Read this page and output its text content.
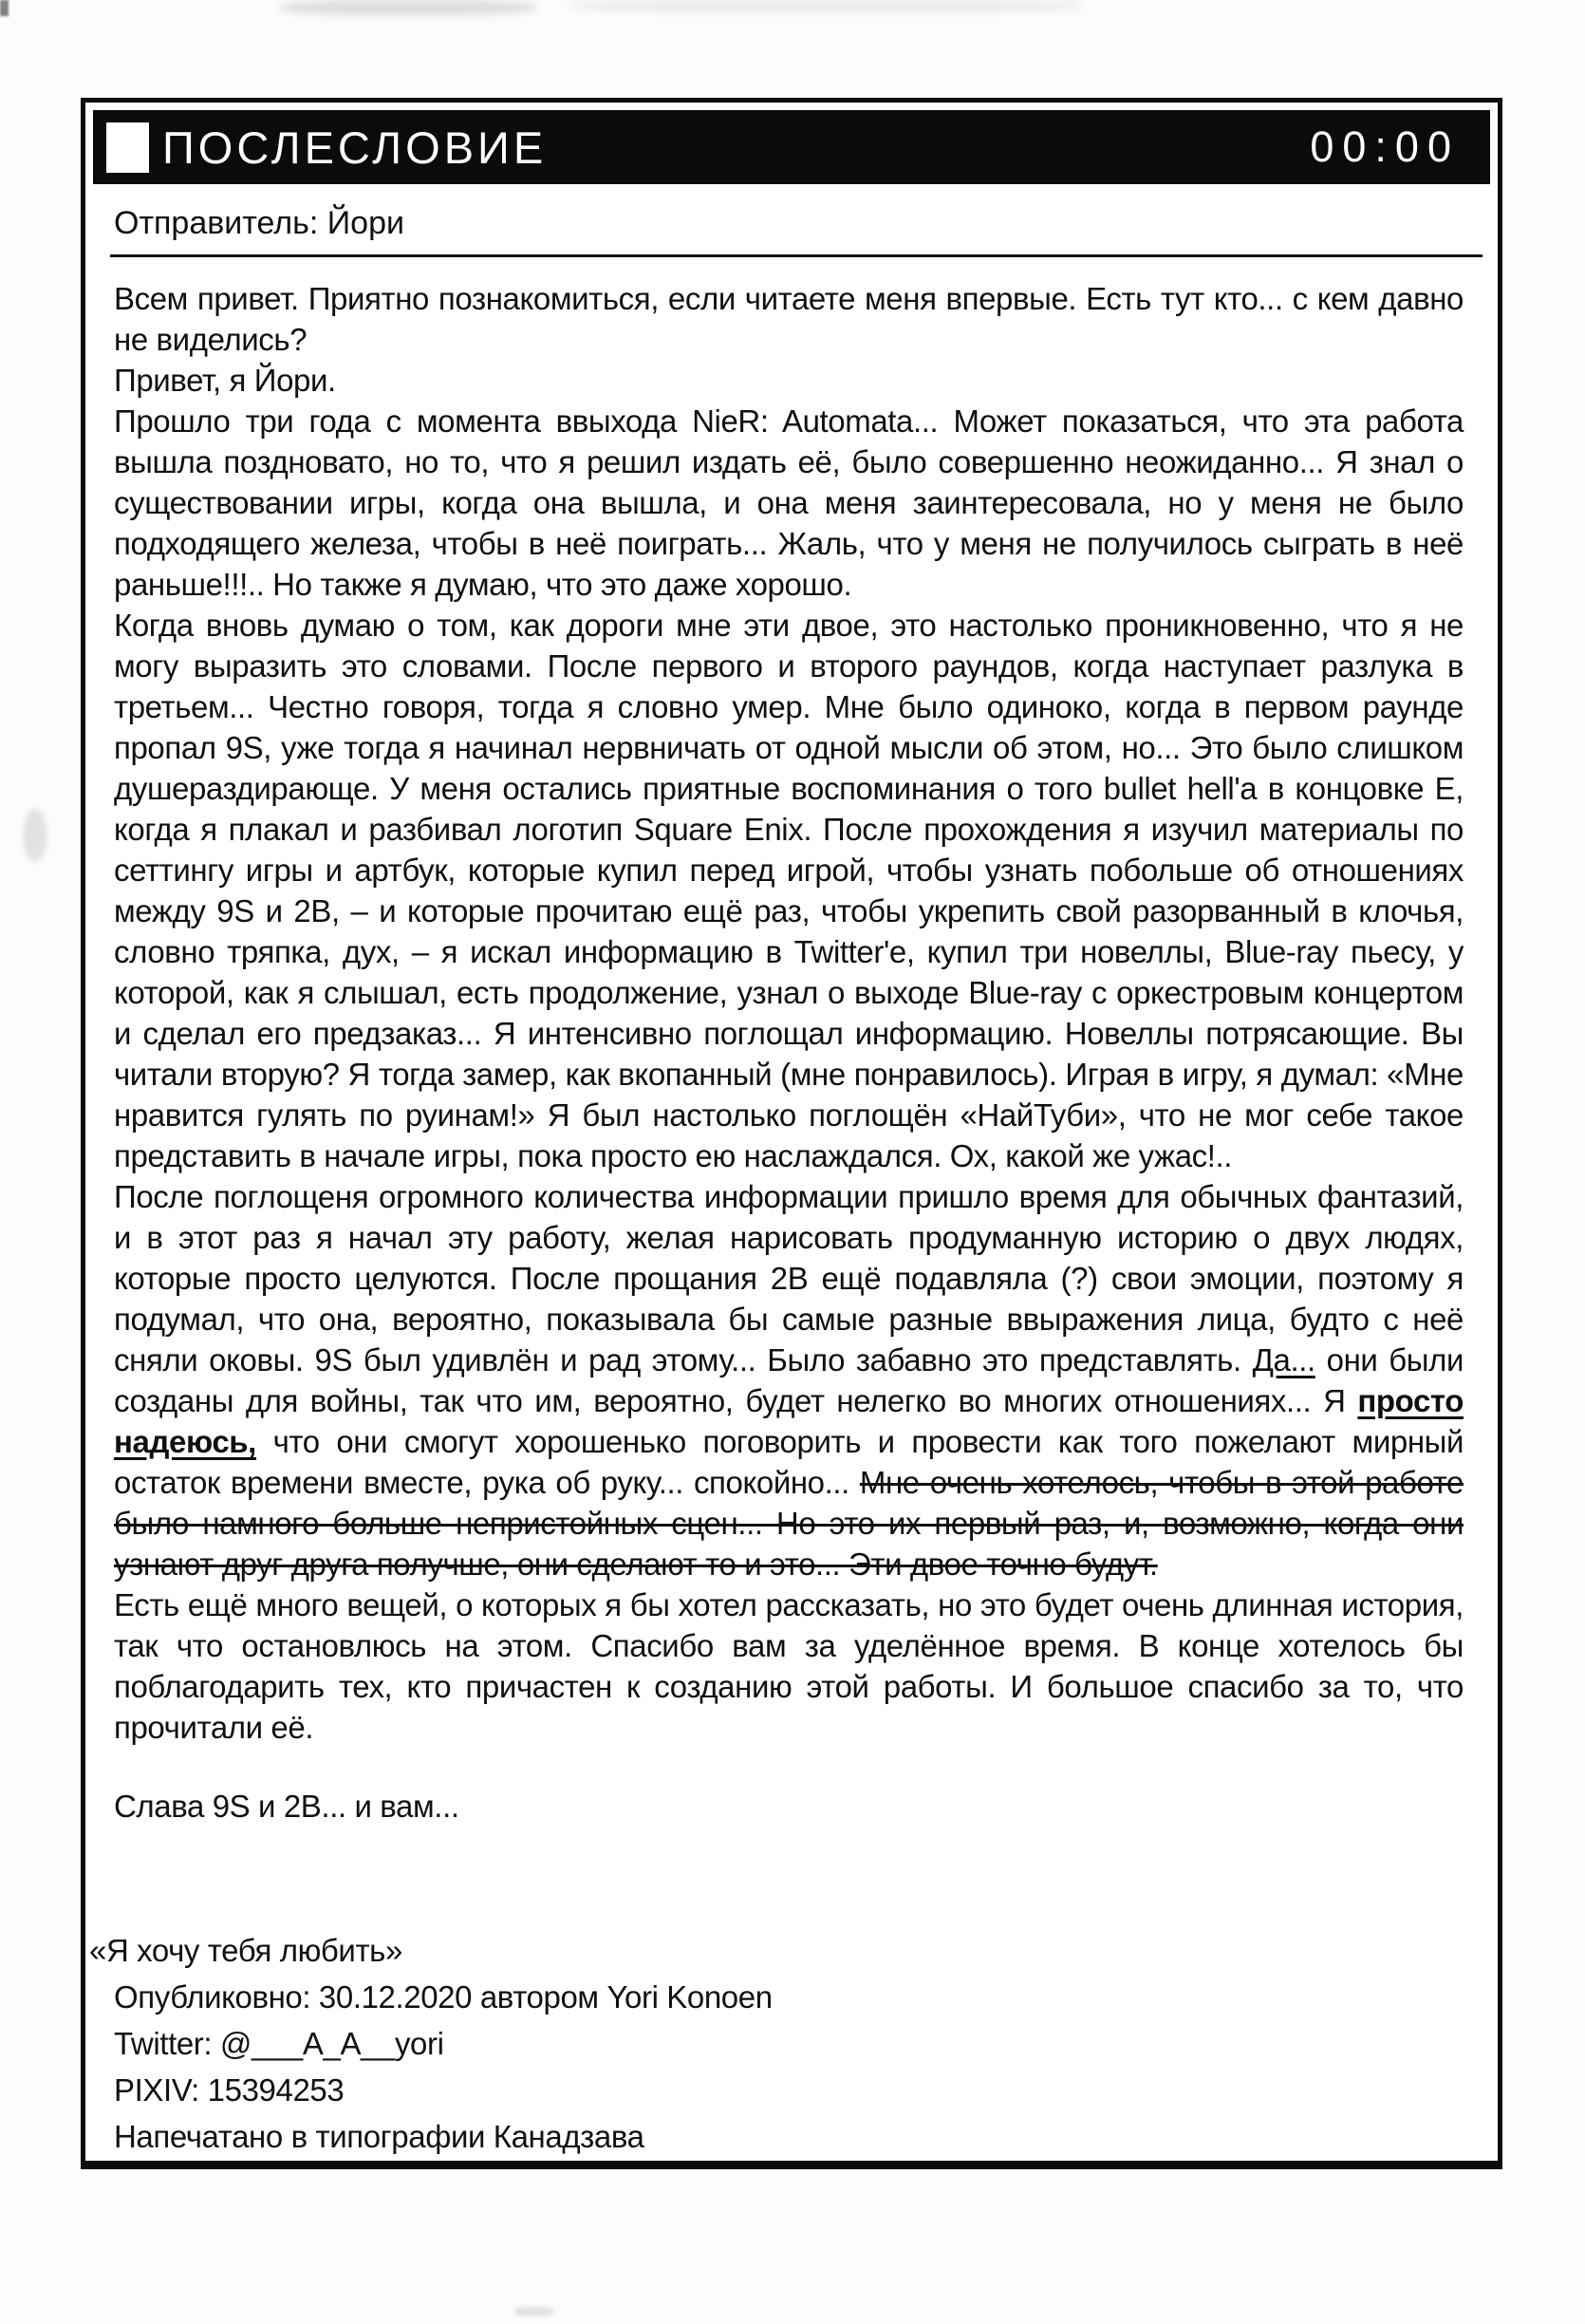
ПОСЛЕСЛОВИЕ	00:00
Отправитель: Йори

Всем привет. Приятно познакомиться, если читаете меня впервые. Есть тут кто... с кем давно не виделись?

Привет, я Йори.

Прошло три года с момента ввыхода NieR: Automata... Может показаться, что эта работа вышла поздновато, но то, что я решил издать её, было совершенно неожиданно... Я знал о существовании игры, когда она вышла, и она меня заинтересовала, но у меня не было подходящего железа, чтобы в неё поиграть... Жаль, что у меня не получилось сыграть в неё раньше!!!.. Но также я думаю, что это даже хорошо.

Когда вновь думаю о том, как дороги мне эти двое, это настолько проникновенно, что я не могу выразить это словами. После первого и второго раундов, когда наступает разлука в третьем... Честно говоря, тогда я словно умер. Мне было одиноко, когда в первом раунде пропал 9S, уже тогда я начинал нервничать от одной мысли об этом, но... Это было слишком душераздирающе. У меня остались приятные воспоминания о того bullet hell'а в концовке E, когда я плакал и разбивал логотип Square Enix. После прохождения я изучил материалы по сеттингу игры и артбук, которые купил перед игрой, чтобы узнать побольше об отношениях между 9S и 2B, – и которые прочитаю ещё раз, чтобы укрепить свой разорванный в клочья, словно тряпка, дух, – я искал информацию в Twitter'е, купил три новеллы, Blue-ray пьесу, у которой, как я слышал, есть продолжение, узнал о выходе Blue-ray с оркестровым концертом и сделал его предзаказ... Я интенсивно поглощал информацию. Новеллы потрясающие. Вы читали вторую? Я тогда замер, как вкопанный (мне понравилось). Играя в игру, я думал: «Мне нравится гулять по руинам!» Я был настолько поглощён «НайТуби», что не мог себе такое представить в начале игры, пока просто ею наслаждался. Ох, какой же ужас!..

После поглощеня огромного количества информации пришло время для обычных фантазий, и в этот раз я начал эту работу, желая нарисовать продуманную историю о двух людях, которые просто целуются. После прощания 2B ещё подавляла (?) свои эмоции, поэтому я подумал, что она, вероятно, показывала бы самые разные ввыражения лица, будто с неё сняли оковы. 9S был удивлён и рад этому... Было забавно это представлять. Да... они были созданы для войны, так что им, вероятно, будет нелегко во многих отношениях... Я просто надеюсь, что они смогут хорошенько поговорить и провести как того пожелают мирный остаток времени вместе, рука об руку... спокойно... Мне очень хотелось, чтобы в этой работе было намного больше непристойных сцен... Но это их первый раз, и, возможно, когда они узнают друг друга получше, они сделают то и это... Эти двое точно будут.

Есть ещё много вещей, о которых я бы хотел рассказать, но это будет очень длинная история, так что остановлюсь на этом. Спасибо вам за уделённое время. В конце хотелось бы поблагодарить тех, кто причастен к созданию этой работы. И большое спасибо за то, что прочитали её.

Слава 9S и 2B... и вам...
«Я хочу тебя любить»
Опубликовно: 30.12.2020 автором Yori Konoen
Twitter: @___A_A__yori
PIXIV: 15394253
Напечатано в типографии Канадзава
